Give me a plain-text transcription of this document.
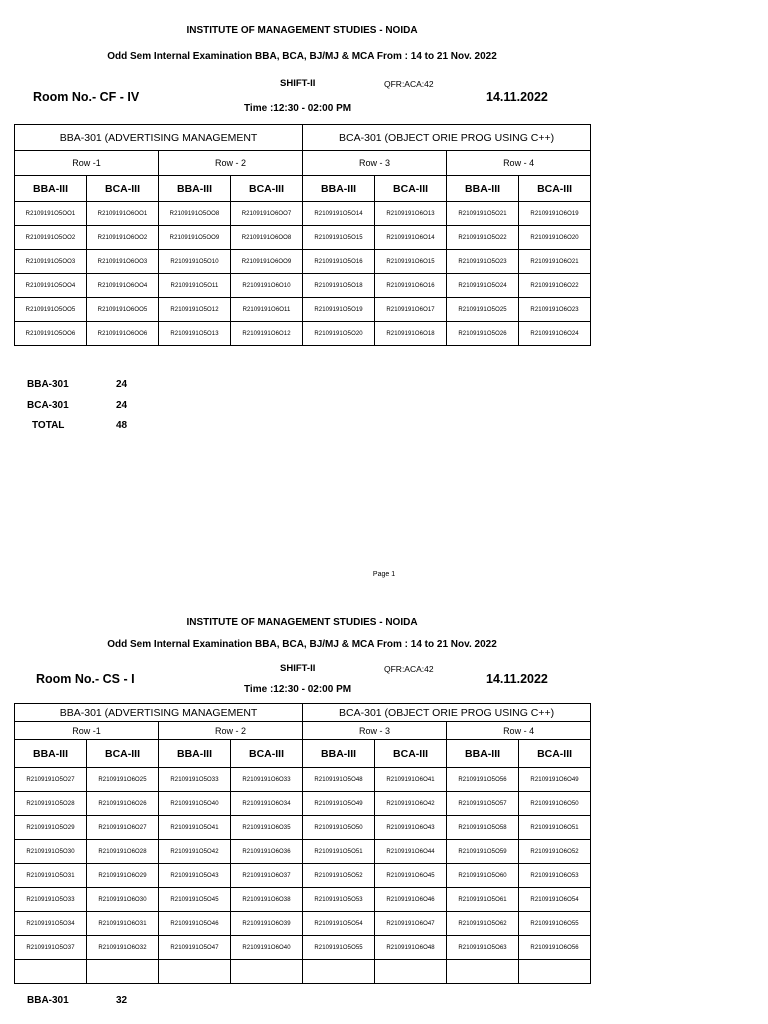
INSTITUTE OF MANAGEMENT STUDIES - NOIDA
Odd Sem Internal Examination BBA, BCA, BJ/MJ & MCA From : 14 to 21 Nov. 2022
SHIFT-II	QFR:ACA:42
Room No.- CF - IV	14.11.2022
Time :12:30 - 02:00 PM
BBA-301 (ADVERTISING MANAGEMENT				BCA-301 (OBJECT ORIE PROG USING C++)			
Row -1		Row - 2		Row - 3		Row - 4	
BBA-III	BCA-III	BBA-III	BCA-III	BBA-III	BCA-III	BBA-III	BCA-III
R2109191O5OO1	R2109191O6OO1	R2109191O5OO8	R2109191O6OO7	R2109191O5O14	R2109191O6O13	R2109191O5O21	R2109191O6O19
R2109191O5OO2	R2109191O6OO2	R2109191O5OO9	R2109191O6OO8	R2109191O5O15	R2109191O6O14	R2109191O5O22	R2109191O6O20
R2109191O5OO3	R2109191O6OO3	R2109191O5O10	R2109191O6OO9	R2109191O5O16	R2109191O6O15	R2109191O5O23	R2109191O6O21
R2109191O5OO4	R2109191O6OO4	R2109191O5O11	R2109191O6O10	R2109191O5O18	R2109191O6O16	R2109191O5O24	R2109191O6O22
R2109191O5OO5	R2109191O6OO5	R2109191O5O12	R2109191O6O11	R2109191O5O19	R2109191O6O17	R2109191O5O25	R2109191O6O23
R2109191O5OO6	R2109191O6OO6	R2109191O5O13	R2109191O6O12	R2109191O5O20	R2109191O6O18	R2109191O5O26	R2109191O6O24
BBA-301	24
BCA-301	24
TOTAL	48
Page 1
INSTITUTE OF MANAGEMENT STUDIES - NOIDA
Odd Sem Internal Examination BBA, BCA, BJ/MJ & MCA From : 14 to 21 Nov. 2022
SHIFT-II	QFR:ACA:42
Room No.- CS - I	14.11.2022
Time :12:30 - 02:00 PM
BBA-301 (ADVERTISING MANAGEMENT				BCA-301 (OBJECT ORIE PROG USING C++)			
Row -1		Row - 2		Row - 3		Row - 4	
BBA-III	BCA-III	BBA-III	BCA-III	BBA-III	BCA-III	BBA-III	BCA-III
R2109191O5O27	R2109191O6O25	R2109191O5O33	R2109191O6O33	R2109191O5O48	R2109191O6O41	R2109191O5O56	R2109191O6O49
R2109191O5O28	R2109191O6O26	R2109191O5O40	R2109191O6O34	R2109191O5O49	R2109191O6O42	R2109191O5O57	R2109191O6O50
R2109191O5O29	R2109191O6O27	R2109191O5O41	R2109191O6O35	R2109191O5O50	R2109191O6O43	R2109191O5O58	R2109191O6O51
R2109191O5O30	R2109191O6O28	R2109191O5O42	R2109191O6O36	R2109191O5O51	R2109191O6O44	R2109191O5O59	R2109191O6O52
R2109191O5O31	R2109191O6O29	R2109191O5O43	R2109191O6O37	R2109191O5O52	R2109191O6O45	R2109191O5O60	R2109191O6O53
R2109191O5O33	R2109191O6O30	R2109191O5O45	R2109191O6O38	R2109191O5O53	R2109191O6O46	R2109191O5O61	R2109191O6O54
R2109191O5O34	R2109191O6O31	R2109191O5O46	R2109191O6O39	R2109191O5O54	R2109191O6O47	R2109191O5O62	R2109191O6O55
R2109191O5O37	R2109191O6O32	R2109191O5O47	R2109191O6O40	R2109191O5O55	R2109191O6O48	R2109191O5O63	R2109191O6O56

BBA-301	32
